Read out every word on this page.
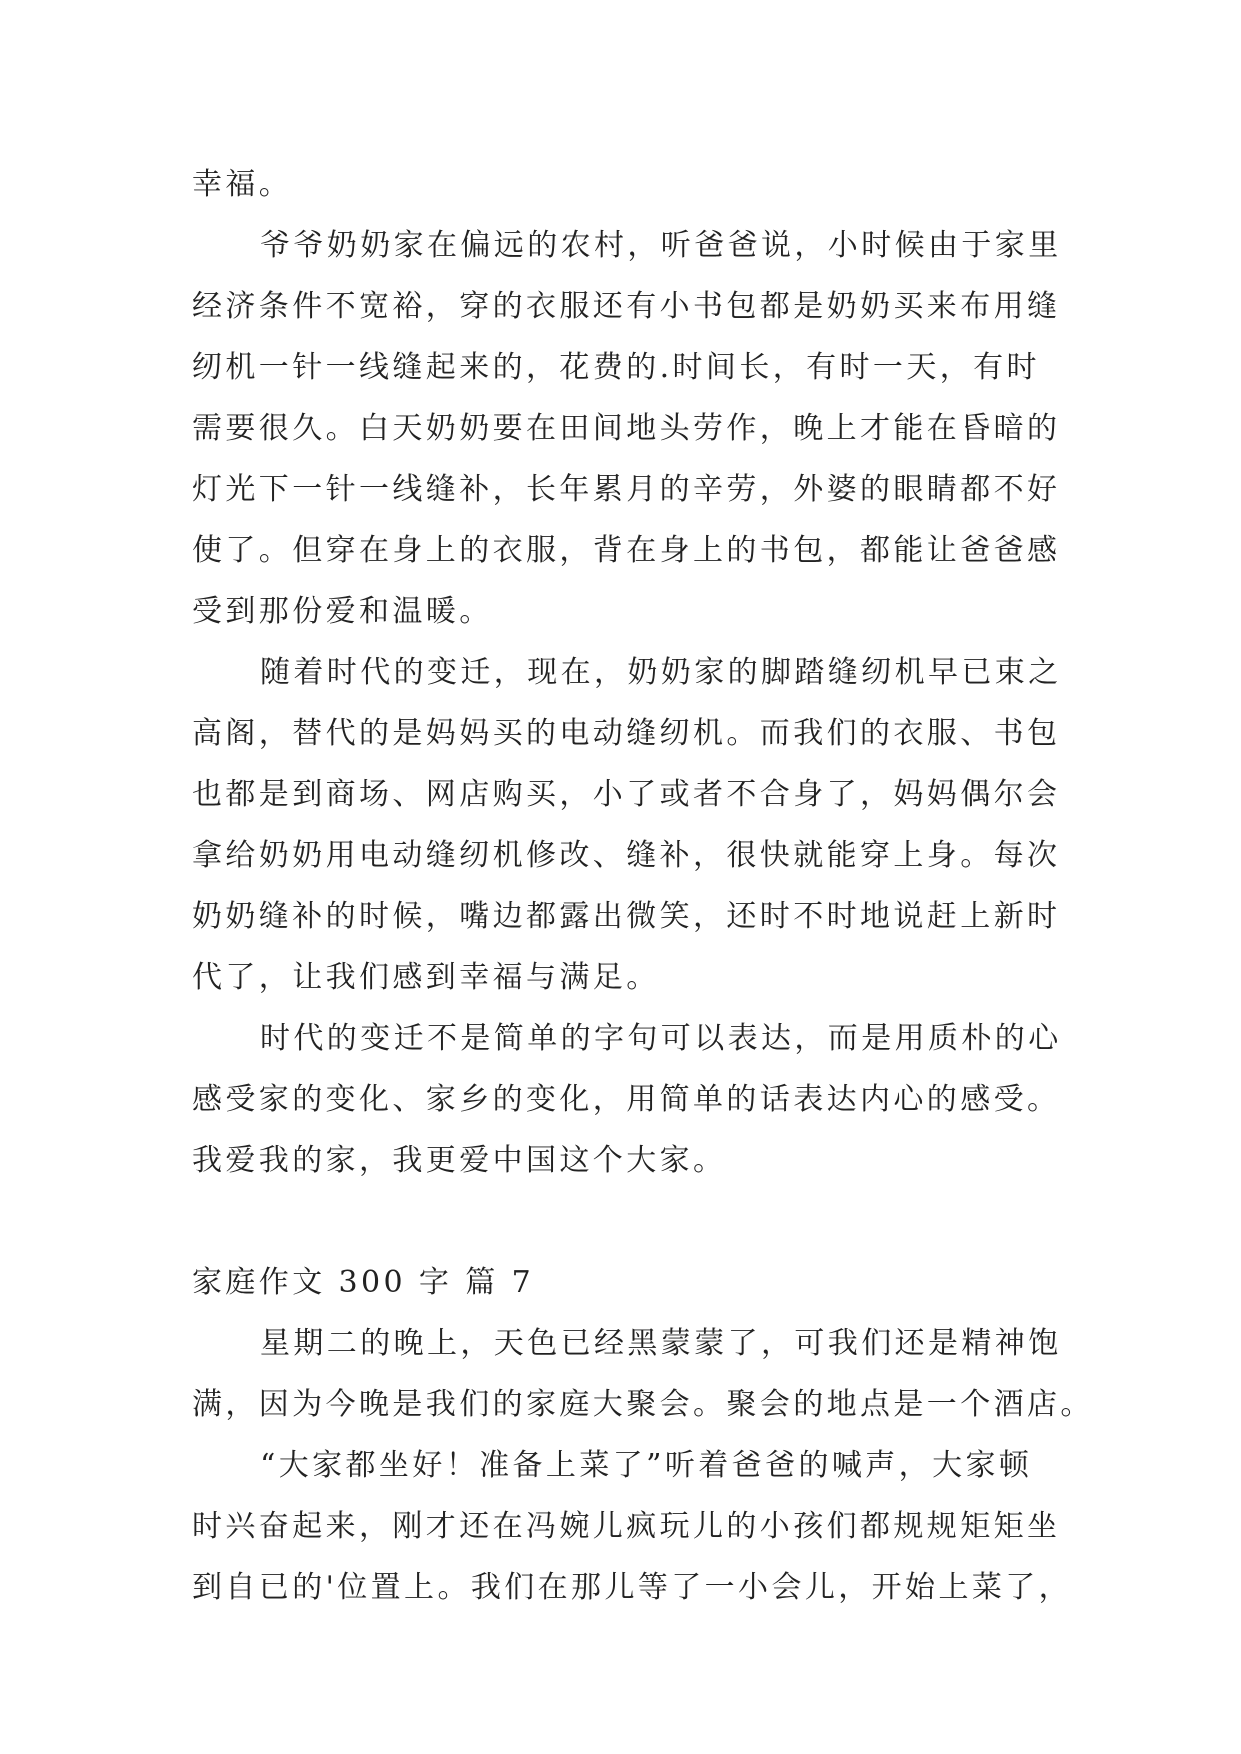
幸福。
爷爷奶奶家在偏远的农村，听爸爸说，小时候由于家里
经济条件不宽裕，穿的衣服还有小书包都是奶奶买来布用缝
纫机一针一线缝起来的，花费的.时间长，有时一天，有时
需要很久。白天奶奶要在田间地头劳作，晚上才能在昏暗的
灯光下一针一线缝补，长年累月的辛劳，外婆的眼睛都不好
使了。但穿在身上的衣服，背在身上的书包，都能让爸爸感
受到那份爱和温暖。
随着时代的变迁，现在，奶奶家的脚踏缝纫机早已束之
高阁，替代的是妈妈买的电动缝纫机。而我们的衣服、书包
也都是到商场、网店购买，小了或者不合身了，妈妈偶尔会
拿给奶奶用电动缝纫机修改、缝补，很快就能穿上身。每次
奶奶缝补的时候，嘴边都露出微笑，还时不时地说赶上新时
代了，让我们感到幸福与满足。
时代的变迁不是简单的字句可以表达，而是用质朴的心
感受家的变化、家乡的变化，用简单的话表达内心的感受。
我爱我的家，我更爱中国这个大家。
家庭作文 300 字 篇 7
星期二的晚上，天色已经黑蒙蒙了，可我们还是精神饱
满，因为今晚是我们的家庭大聚会。聚会的地点是一个酒店。
“大家都坐好！准备上菜了”听着爸爸的喊声，大家顿
时兴奋起来，刚才还在冯婉儿疯玩儿的小孩们都规规矩矩坐
到自已的'位置上。我们在那儿等了一小会儿，开始上菜了，
